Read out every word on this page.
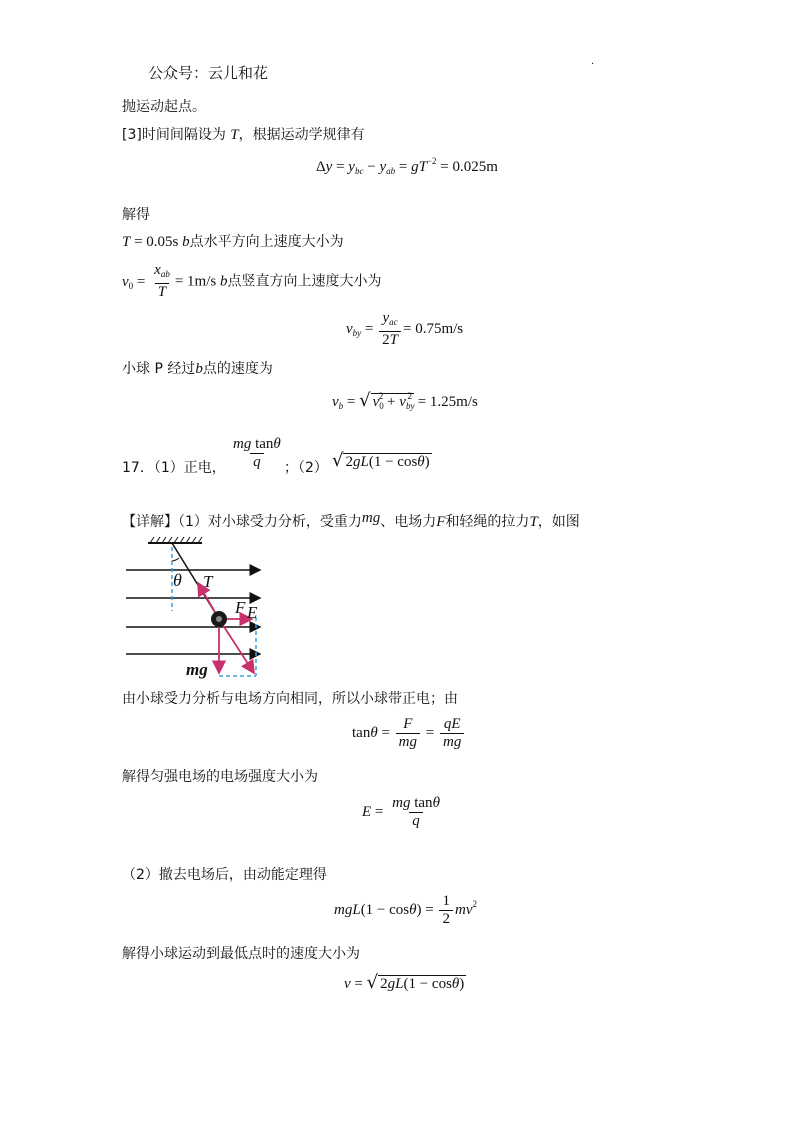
公众号：云儿和花
.
抛运动起点。
[3]时间间隔设为 T，根据运动学规律有
$\Delta y = y_{bc} - y_{ab} = gT^{-2} = 0.025m$
解得
T = 0.05s b点水平方向上速度大小为
$v_0 = \frac{x_{ab}}{T} = 1m/s$ b点竖直方向上速度大小为
$v_{by} = \frac{y_{ac}}{2T} = 0.75m/s$
小球 P 经过b点的速度为
$v_b$ = √ $v_0^2 + v_{by}^2 = 1.25m/s$
17．（1）正电， $\frac{\text{mg tanθ}}{q}$ ；（2） √ 2gL(1 − cosθ)
【详解】（1）对小球受力分析，受重力mg、电场力F和轻绳的拉力T，如图
θ T
F E
mg
由小球受力分析与电场方向相同，所以小球带正电；由
$\tan\theta = \frac{F}{mg} = \frac{qE}{mg}$
解得匀强电场的电场强度大小为
$E = \frac{\text{mg tanθ}}{q}$
（2）撤去电场后，由动能定理得
$mgL(1 - \cos\theta) = \frac{1}{2} mv^2$
解得小球运动到最低点时的速度大小为
v = √ 2gL(1 − cosθ)
